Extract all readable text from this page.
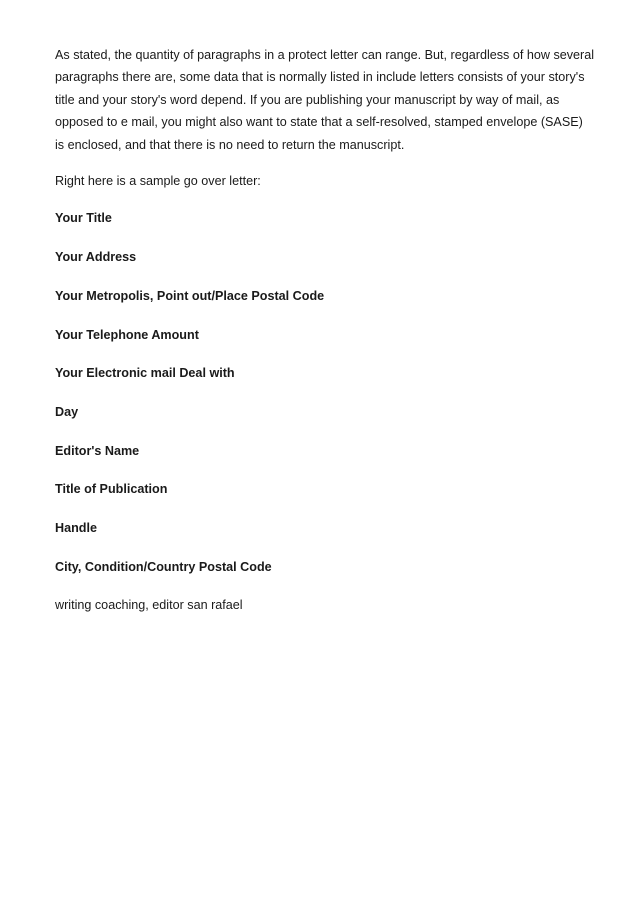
As stated, the quantity of paragraphs in a protect letter can range. But, regardless of how several paragraphs there are, some data that is normally listed in include letters consists of your story's title and your story's word depend. If you are publishing your manuscript by way of mail, as opposed to e mail, you might also want to state that a self-resolved, stamped envelope (SASE) is enclosed, and that there is no need to return the manuscript.

Right here is a sample go over letter:

Your Title

Your Address

Your Metropolis, Point out/Place Postal Code

Your Telephone Amount

Your Electronic mail Deal with

Day

Editor's Name

Title of Publication

Handle

City, Condition/Country Postal Code

writing coaching, editor san rafael
